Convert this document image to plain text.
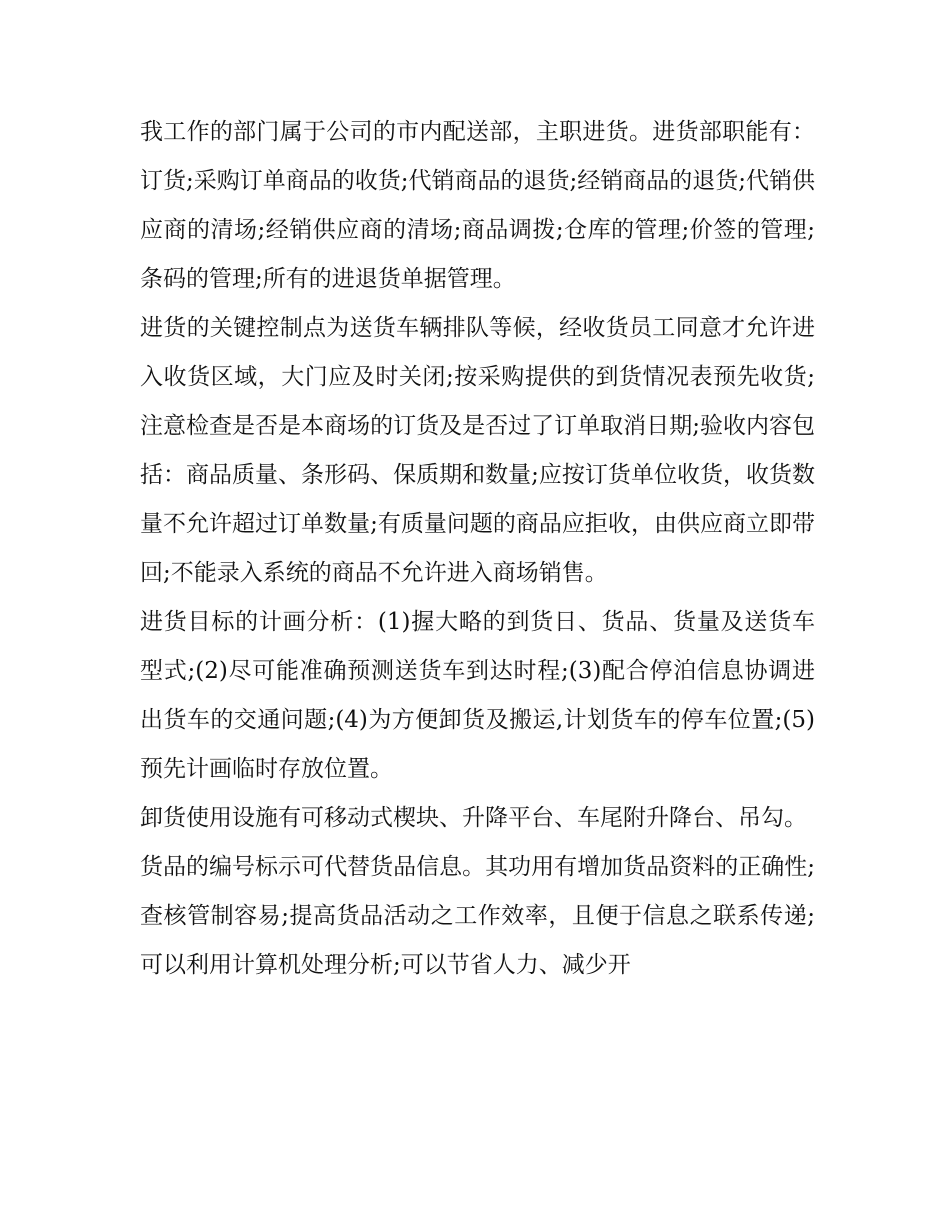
我工作的部门属于公司的市内配送部，主职进货。进货部职能有：订货;采购订单商品的收货;代销商品的退货;经销商品的退货;代销供应商的清场;经销供应商的清场;商品调拨;仓库的管理;价签的管理;条码的管理;所有的进退货单据管理。

进货的关键控制点为送货车辆排队等候，经收货员工同意才允许进入收货区域，大门应及时关闭;按采购提供的到货情况表预先收货;注意检查是否是本商场的订货及是否过了订单取消日期;验收内容包括：商品质量、条形码、保质期和数量;应按订货单位收货，收货数量不允许超过订单数量;有质量问题的商品应拒收，由供应商立即带回;不能录入系统的商品不允许进入商场销售。

进货目标的计画分析：(1)握大略的到货日、货品、货量及送货车型式;(2)尽可能准确预测送货车到达时程;(3)配合停泊信息协调进出货车的交通问题;(4)为方便卸货及搬运,计划货车的停车位置;(5)预先计画临时存放位置。

卸货使用设施有可移动式楔块、升降平台、车尾附升降台、吊勾。

货品的编号标示可代替货品信息。其功用有增加货品资料的正确性;查核管制容易;提高货品活动之工作效率，且便于信息之联系传递;可以利用计算机处理分析;可以节省人力、减少开
